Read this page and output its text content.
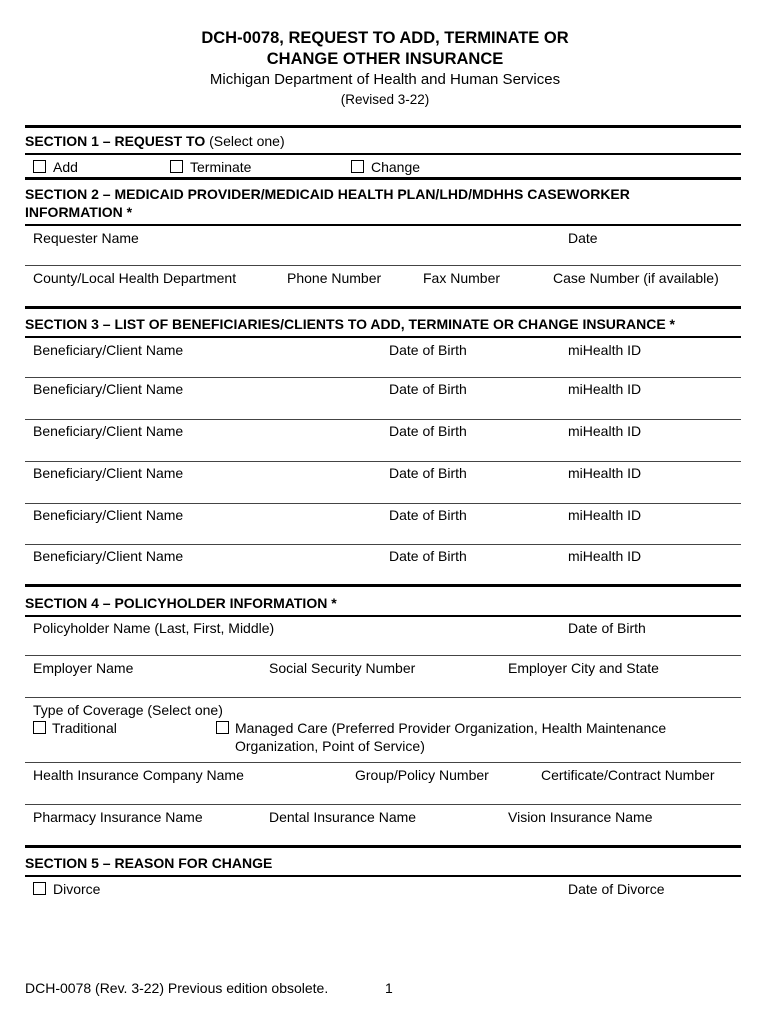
DCH-0078, REQUEST TO ADD, TERMINATE OR
CHANGE OTHER INSURANCE
Michigan Department of Health and Human Services
(Revised 3-22)
SECTION 1 – REQUEST TO (Select one)
Add	Terminate	Change
SECTION 2 – MEDICAID PROVIDER/MEDICAID HEALTH PLAN/LHD/MDHHS CASEWORKER
INFORMATION *
Requester Name	Date
County/Local Health Department	Phone Number	Fax Number	Case Number (if available)
SECTION 3 – LIST OF BENEFICIARIES/CLIENTS TO ADD, TERMINATE OR CHANGE INSURANCE *
Beneficiary/Client Name	Date of Birth	miHealth ID
Beneficiary/Client Name	Date of Birth	miHealth ID
Beneficiary/Client Name	Date of Birth	miHealth ID
Beneficiary/Client Name	Date of Birth	miHealth ID
Beneficiary/Client Name	Date of Birth	miHealth ID
Beneficiary/Client Name	Date of Birth	miHealth ID
SECTION 4 – POLICYHOLDER INFORMATION *
Policyholder Name (Last, First, Middle)	Date of Birth
Employer Name	Social Security Number	Employer City and State
Type of Coverage (Select one)
Traditional	Managed Care (Preferred Provider Organization, Health Maintenance
Organization, Point of Service)
Health Insurance Company Name	Group/Policy Number	Certificate/Contract Number
Pharmacy Insurance Name	Dental Insurance Name	Vision Insurance Name
SECTION 5 – REASON FOR CHANGE
Divorce	Date of Divorce
DCH-0078 (Rev. 3-22) Previous edition obsolete.	1
